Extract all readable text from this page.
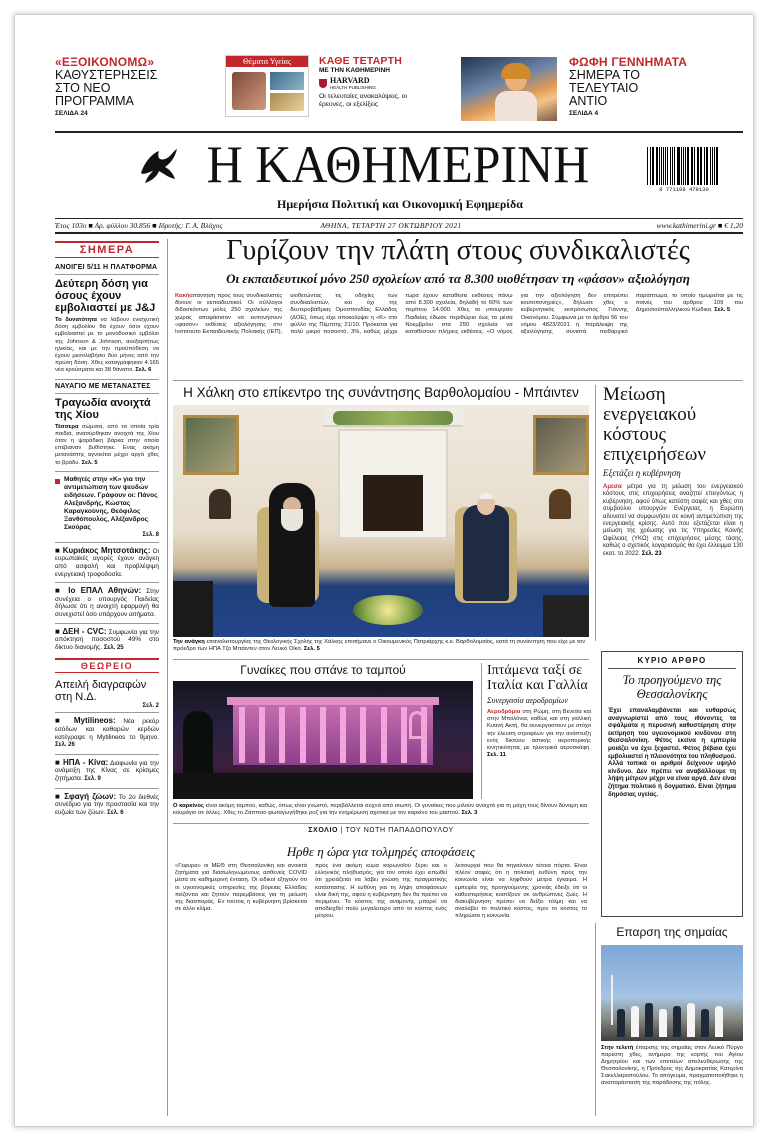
«ΕΞΟΙΚΟΝΟΜΩ»
ΚΑΘΥΣΤΕΡΗΣΕΙΣ ΣΤΟ ΝΕΟ ΠΡΟΓΡΑΜΜΑ
ΣΕΛΙΔΑ 24
Θέματα Υγείας	ΚΑΘΕ ΤΕΤΑΡΤΗ
ΜΕ ΤΗΝ ΚΑΘΗΜΕΡΙΝΗ
HARVARD
HEALTH PUBLISHING
Οι τελευταίες ανακαλύψεις, οι έρευνες, οι εξελίξεις
ΦΩΦΗ ΓΕΝΝΗΜΑΤΑ
ΣΗΜΕΡΑ ΤΟ ΤΕΛΕΥΤΑΙΟ ΑΝΤΙΟ
ΣΕΛΙΔΑ 4
Η ΚΑΘΗΜΕΡΙΝΗ
Ημερήσια Πολιτική και Οικονομική Εφημερίδα
9 771108 479130
Έτος 103ο ■ Αρ. φύλλου 30.856 ■ Ιδρυτής: Γ. Α. Βλάχος	ΑΘΗΝΑ, ΤΕΤΑΡΤΗ 27 ΟΚΤΩΒΡΙΟΥ 2021	www.kathimerini.gr ■ € 1,20
ΣΗΜΕΡΑ
ΑΝΟΙΓΕΙ 5/11 Η ΠΛΑΤΦΟΡΜΑ
Δεύτερη δόση για όσους έχουν εμβολιαστεί με J&J
Το δυνατότητα να λάβουν ενισχυτική δόση εμβολίου θα έχουν όσοι έχουν εμβολιαστεί με το μονοδοσικό εμβόλιο της Johnson & Johnson, ανεξαρτήτως ηλικίας, και με την προϋπόθεση να έχουν μεσολαβήσει δύο μήνες από την πρώτη δόση. Χθες καταγράφηκαν 4.165 νέα κρούσματα και 38 θάνατοι. Σελ. 6
ΝΑΥΑΓΙΟ ΜΕ ΜΕΤΑΝΑΣΤΕΣ
Τραγωδία ανοιχτά της Χίου
Τέσσερα σώματα, από τα οποία τρία παιδιά, ανασύρθηκαν ανοιχτά της Χίου όταν η ψαράδικη βάρκα στην οποία επέβαιναν βυθίστηκε. Ενας ακόμη μετανάστης αγνοείται μέχρι αργά χθες το βράδυ. Σελ. 5
Μαθητές στην «Κ» για την αντιμετώπιση των ψευδών ειδήσεων. Γράφουν οι: Πάνος Αλεξανδρής, Κώστας Καραγκούνης, Θεόφιλος Ξανθόπουλος, Αλέξανδρος Σκούρας
Σελ. 8
■ Κυριάκος Μητσοτάκης: Οι ευρωπαϊκές αγορές έχουν ανάγκη από ασφαλή και προβλέψιμη ενεργειακή τροφοδοσία.
■ Ιο ΕΠΑΛ Αθηνών: Στην συνέχεια ο υπουργός Παιδείας δήλωσε ότι η ανοιχτή εφαρμογή θα συνεχιστεί όσο υπάρχουν αιτήματα.
■ ΔΕΗ - CVC: Συμφωνία για την απόκτηση ποσοστού 49% στο δίκτυο διανομής. Σελ. 25
ΘΕΩΡΕΙΟ
Απειλή διαγραφών στη Ν.Δ.
Σελ. 2
■ Mytilineos: Νέα ρεκόρ εσόδων και καθαρών κερδών κατέγραψε η Mytilineos το 9μηνο. Σελ. 26
■ ΗΠΑ - Κίνα: Διαφωνία για την ανάμειξη της Κίνας σε κρίσιμες ζητήματα. Σελ. 9
■ Σφαγή ζώων: Το 2ο διεθνές συνέδριο για την προστασία και την ευζωία των ζώων. Σελ. 6
Γυρίζουν την πλάτη στους συνδικαλιστές
Οι εκπαιδευτικοί μόνο 250 σχολείων από τα 8.300 υιοθέτησαν τη «φάσον» αξιολόγηση
Κακήαπάντηση προς τους συνδικαλιστές δίνουν οι εκπαιδευτικοί. Οι σύλλογοι διδασκόντων μόλις 250 σχολείων της χώρας αποφάσισαν να εκπονήσουν «φασόν» εκθέσεις αξιολόγησης στο Ινστιτούτο Εκπαιδευτικής Πολιτικής (ΙΕΠ), υιοθετώντας τις οδηγίες των συνδικαλιστών, και όχι της δευτεροβάθμιας Ομοσπονδίας Ελλάδος (ΔΟΕ), όπως είχε αποκαλύψει η «Κ» στο φύλλο της Πέμπτης 21/10. Πρόκειται για πολύ μικρό ποσοστό, 3%, καθώς μέχρι τώρα έχουν καταθέσει εκθέσεις πάνω από 8.300 σχολεία, δηλαδή το 60% των περίπου 14.000. Χθες το υπουργείο Παιδείας έδωσε περιθώριο έως τα μέσα Νοεμβρίου στα 250 σχολεία να καταθέσουν πλήρεις εκθέσεις. «Ο νόμος για την αξιολόγηση δεν επιτρέπει κουτοπονηριές», δήλωσε χθες ο κυβερνητικός εκπρόσωπος Γιάννης Οικονόμου. Σύμφωνα με το άρθρο 56 του νόμου 4823/2021 η παράλειψη της αξιολόγησης συνιστά πειθαρχικό παράπτωμα, το οποίο τιμωρείται με τις ποινές του άρθρου 109 του Δημοσιοϋπαλληλικού Κώδικα. Σελ. 5
Η Χάλκη στο επίκεντρο της συνάντησης Βαρθολομαίου - Μπάιντεν
Την ανάγκη επαναλειτουργίας της Θεολογικής Σχολής της Χάλκης επισήμανε ο Οικουμενικός Πατριάρχης κ.κ. Βαρθολομαίος, κατά τη συνάντηση που είχε με τον πρόεδρο των ΗΠΑ Τζο Μπάιντεν στον Λευκό Οίκο. Σελ. 5
Μείωση ενεργειακού κόστους επιχειρήσεων
Εξετάζει η κυβέρνηση
Αμεσα μέτρα για τη μείωση του ενεργειακού κόστους στις επιχειρήσεις αναζητεί επειγόντως η κυβέρνηση, αφού όπως κατέστη σαφές και χθες στο συμβούλιο υπουργών Ενέργειας, η Ευρώπη αδυνατεί να συμφωνήσει σε κοινή αντιμετώπιση της ενεργειακής κρίσης. Αυτό που εξετάζεται είναι η μείωση της χρέωσης για τις Υπηρεσίες Κοινής Ωφέλειας (ΥΚΩ) στις επιχειρήσεις μέσης τάσης, καθώς ο σχετικός λογαριασμός θα έχει έλλειμμα 130 εκατ. το 2022. Σελ. 23
ΚΥΡΙΟ ΑΡΘΡΟ
Το προηγούμενο της Θεσσαλονίκης
Έχει επαναλαμβάνεται και ευθαρσώς αναγνωρίστεί από τους ιθύνοντες τα σφάλματα η περυσινή καθυστέρηση στην εκτίμηση του υγειονομικού κινδύνου στη Θεσσαλονίκη. Φέτος εκείνα η εμπειρία μοιάζει να έχει ξεχαστεί. Φέτος βέβαια έχει εμβολιαστεί η πλειονότητα του πληθυσμού. Αλλά τοπικά οι αριθμοί δείχνουν υψηλό κίνδυνο. Δεν πρέπει να αναβάλλουμε τη λήψη μέτρων μέχρι να είναι αργά. Δεν είναι ζήτημα πολιτικό ή δογματικό. Είναι ζήτημα δημόσιας υγείας.
Γυναίκες που σπάνε το ταμπού
Ο καρκίνος είναι ακόμη ταμπού, καθώς, όπως είναι γνωστό, περιβάλλεται συχνά από σιωπή. Οι γυναίκες που μιλούν ανοιχτά για τη μάχη τους δίνουν δύναμη και κουράγιο σε άλλες. Χθες το Ζάππειο φωταγωγήθηκε ροζ για την ενημέρωση σχετικά με τον καρκίνο του μαστού. Σελ. 3
Ιπτάμενα ταξί σε Ιταλία και Γαλλία
Συνεργασία αεροδρομίων
Αεροδρόμια στη Ρώμη, στη Βενετία και στην Μπολόνια, καθώς και στη γαλλική Κυανή Ακτή, θα συνεργαστούν με στόχο την έλευση στροφέων για την ανάπτυξη ενός δικτύου αστικής αεροπορικής κινητικότητας με ηλεκτρικά αεροσκάφη. Σελ. 11
ΣΧΟΛΙΟ | ΤΟΥ ΝΩΤΗ ΠΑΠΑΔΟΠΟΥΛΟΥ
Ηρθε η ώρα για τολμηρές αποφάσεις
«Γέφυρα» οι ΜΕΘ στη Θεσσαλονίκη και ανοικτά ζητήματα για διασωληνωμένους ασθενείς COVID μέσα σε καθημερινή ένταση. Οι ειδικοί εξηγούν ότι οι υγειονομικές υπηρεσίες της βόρειας Ελλάδας πιέζονται και ζητούν παρεμβάσεις για τη μείωση της διασποράς. Εν τούτοις η κυβέρνηση βρίσκεται σε άλλο κλίμα.
προς ένα ακόμη κύμα κορωνοϊού ξέρει και ο ελληνικός πληθυσμός, για τον οποίο έχει ειπωθεί ότι χρειάζεται να λάβει γνώση της πραγματικής κατάστασης. Η ευθύνη για τη λήψη αποφάσεων είναι δική της, αφού η κυβέρνηση δεν θα πρέπει να περιμένει. Το κόστος της αναμονής μπορεί να αποδειχθεί πολύ μεγαλύτερο από το κόστος ενός μέτρου.
λειτουργεί που θα πηγαίνουν τέτοια πόρτα. Είναι πλέον σαφές ότι η πολιτική ευθύνη προς την κοινωνία είναι να ληφθούν μέτρα έγκαιρα. Η εμπειρία της προηγούμενης χρονιάς έδειξε ότι οι καθυστερήσεις κοστίζουν σε ανθρώπινες ζωές. Η διακυβέρνηση πρέπει να δείξει τόλμη και να αναλάβει το πολιτικό κόστος, πριν το κόστος το πληρώσει η κοινωνία.
Επαρση της σημαίας
Στην τελετή έπαρσης της σημαίας στον Λευκό Πύργο παρέστη χθες, ανήμερα της εορτής του Αγίου Δημητρίου και των επετείων απελευθέρωσης της Θεσσαλονίκης, η Πρόεδρος της Δημοκρατίας Κατερίνα Σακελλαροπούλου. Το απόγευμα, πραγματοποιήθηκε η αναπαράσταση της παράδοσης της πόλης.
